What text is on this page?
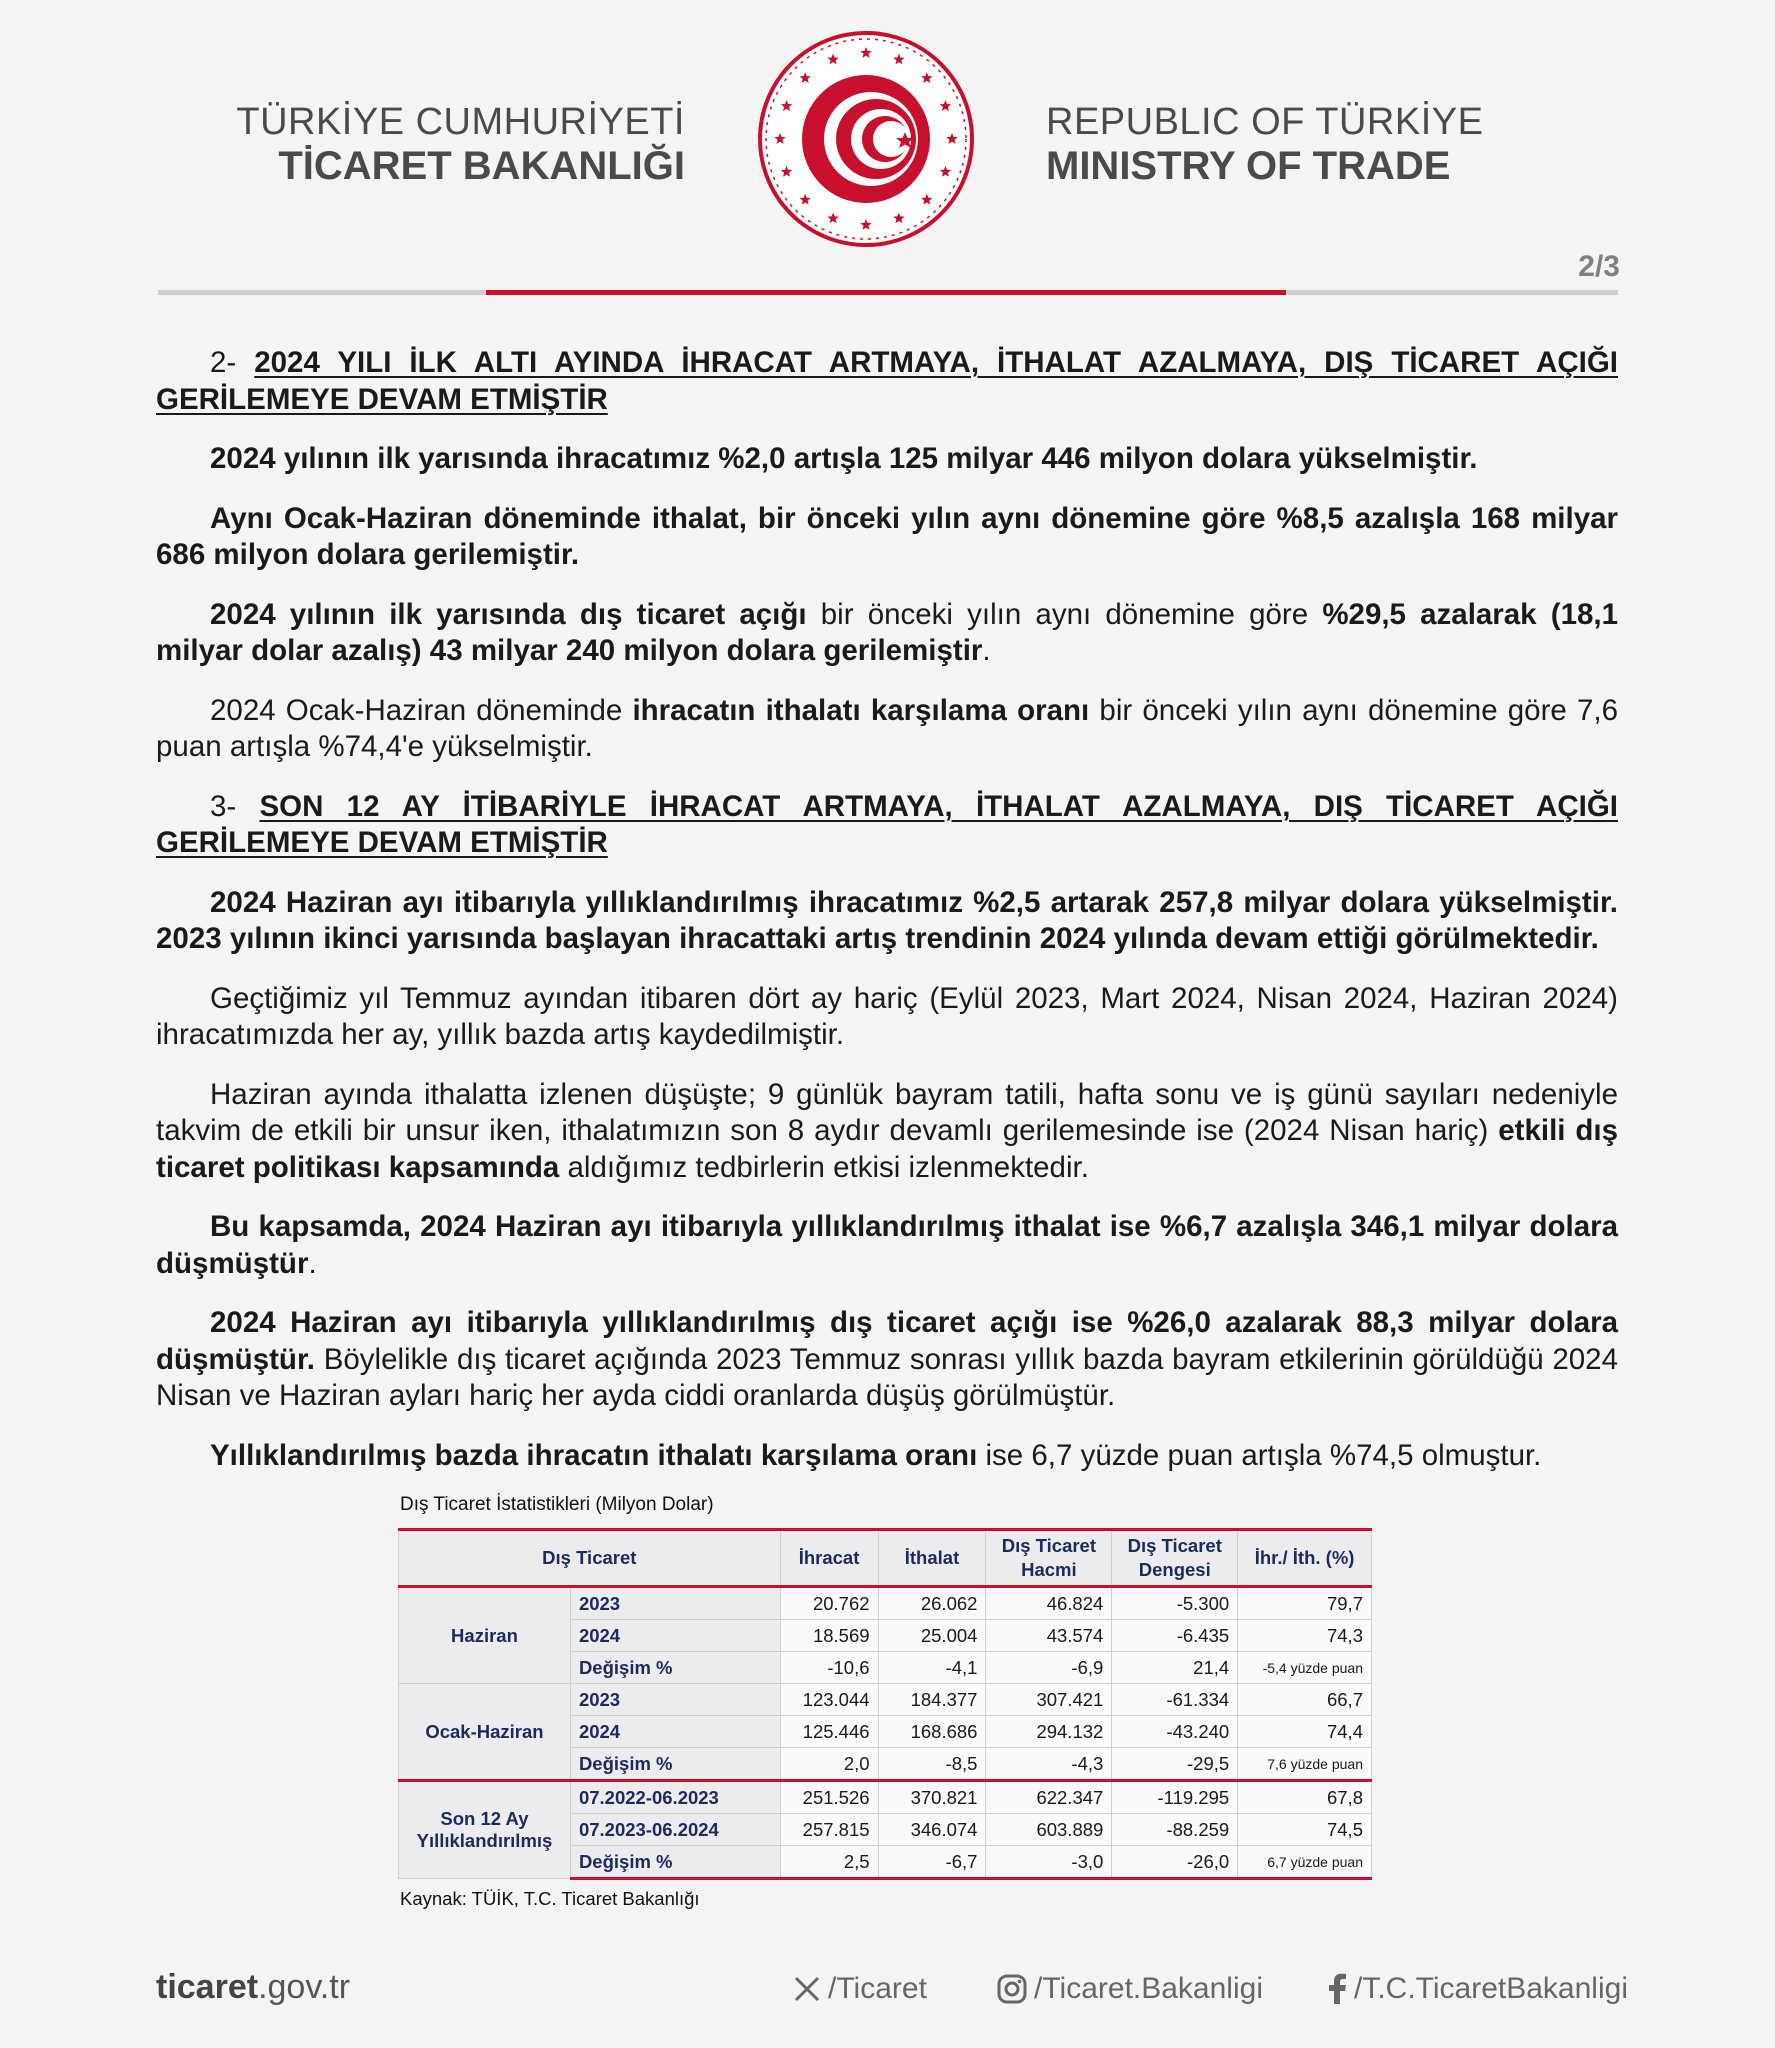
TÜRKİYE CUMHURİYETİ
TİCARET BAKANLIĞI
REPUBLIC OF TÜRKİYE
MINISTRY OF TRADE
2/3

2- 2024 YILI İLK ALTI AYINDA İHRACAT ARTMAYA, İTHALAT AZALMAYA, DIŞ TİCARET AÇIĞI GERİLEMEYE DEVAM ETMİŞTİR

2024 yılının ilk yarısında ihracatımız %2,0 artışla 125 milyar 446 milyon dolara yükselmiştir.

Aynı Ocak-Haziran döneminde ithalat, bir önceki yılın aynı dönemine göre %8,5 azalışla 168 milyar 686 milyon dolara gerilemiştir.

2024 yılının ilk yarısında dış ticaret açığı bir önceki yılın aynı dönemine göre %29,5 azalarak (18,1 milyar dolar azalış) 43 milyar 240 milyon dolara gerilemiştir.

2024 Ocak-Haziran döneminde ihracatın ithalatı karşılama oranı bir önceki yılın aynı dönemine göre 7,6 puan artışla %74,4'e yükselmiştir.

3- SON 12 AY İTİBARİYLE İHRACAT ARTMAYA, İTHALAT AZALMAYA, DIŞ TİCARET AÇIĞI GERİLEMEYE DEVAM ETMİŞTİR

2024 Haziran ayı itibarıyla yıllıklandırılmış ihracatımız %2,5 artarak 257,8 milyar dolara yükselmiştir. 2023 yılının ikinci yarısında başlayan ihracattaki artış trendinin 2024 yılında devam ettiği görülmektedir.

Geçtiğimiz yıl Temmuz ayından itibaren dört ay hariç (Eylül 2023, Mart 2024, Nisan 2024, Haziran 2024) ihracatımızda her ay, yıllık bazda artış kaydedilmiştir.

Haziran ayında ithalatta izlenen düşüşte; 9 günlük bayram tatili, hafta sonu ve iş günü sayıları nedeniyle takvim de etkili bir unsur iken, ithalatımızın son 8 aydır devamlı gerilemesinde ise (2024 Nisan hariç) etkili dış ticaret politikası kapsamında aldığımız tedbirlerin etkisi izlenmektedir.

Bu kapsamda, 2024 Haziran ayı itibarıyla yıllıklandırılmış ithalat ise %6,7 azalışla 346,1 milyar dolara düşmüştür.

2024 Haziran ayı itibarıyla yıllıklandırılmış dış ticaret açığı ise %26,0 azalarak 88,3 milyar dolara düşmüştür. Böylelikle dış ticaret açığında 2023 Temmuz sonrası yıllık bazda bayram etkilerinin görüldüğü 2024 Nisan ve Haziran ayları hariç her ayda ciddi oranlarda düşüş görülmüştür.

Yıllıklandırılmış bazda ihracatın ithalatı karşılama oranı ise 6,7 yüzde puan artışla %74,5 olmuştur.

Dış Ticaret İstatistikleri (Milyon Dolar)
Dış Ticaret		İhracat	İthalat	Dış Ticaret Hacmi	Dış Ticaret Dengesi	İhr./ İth. (%)
Haziran	2023	20.762	26.062	46.824	-5.300	79,7
	2024	18.569	25.004	43.574	-6.435	74,3
	Değişim %	-10,6	-4,1	-6,9	21,4	-5,4 yüzde puan
Ocak-Haziran	2023	123.044	184.377	307.421	-61.334	66,7
	2024	125.446	168.686	294.132	-43.240	74,4
	Değişim %	2,0	-8,5	-4,3	-29,5	7,6 yüzde puan

Son 12 Ay
Yıllıklandırılmış	07.2022-06.2023	251.526	370.821	622.347	-119.295	67,8
	07.2023-06.2024	257.815	346.074	603.889	-88.259	74,5
	Değişim %	2,5	-6,7	-3,0	-26,0	6,7 yüzde puan
Kaynak: TÜİK, T.C. Ticaret Bakanlığı
ticaret.gov.tr	/Ticaret	/Ticaret.Bakanligi	/T.C.TicaretBakanligi
